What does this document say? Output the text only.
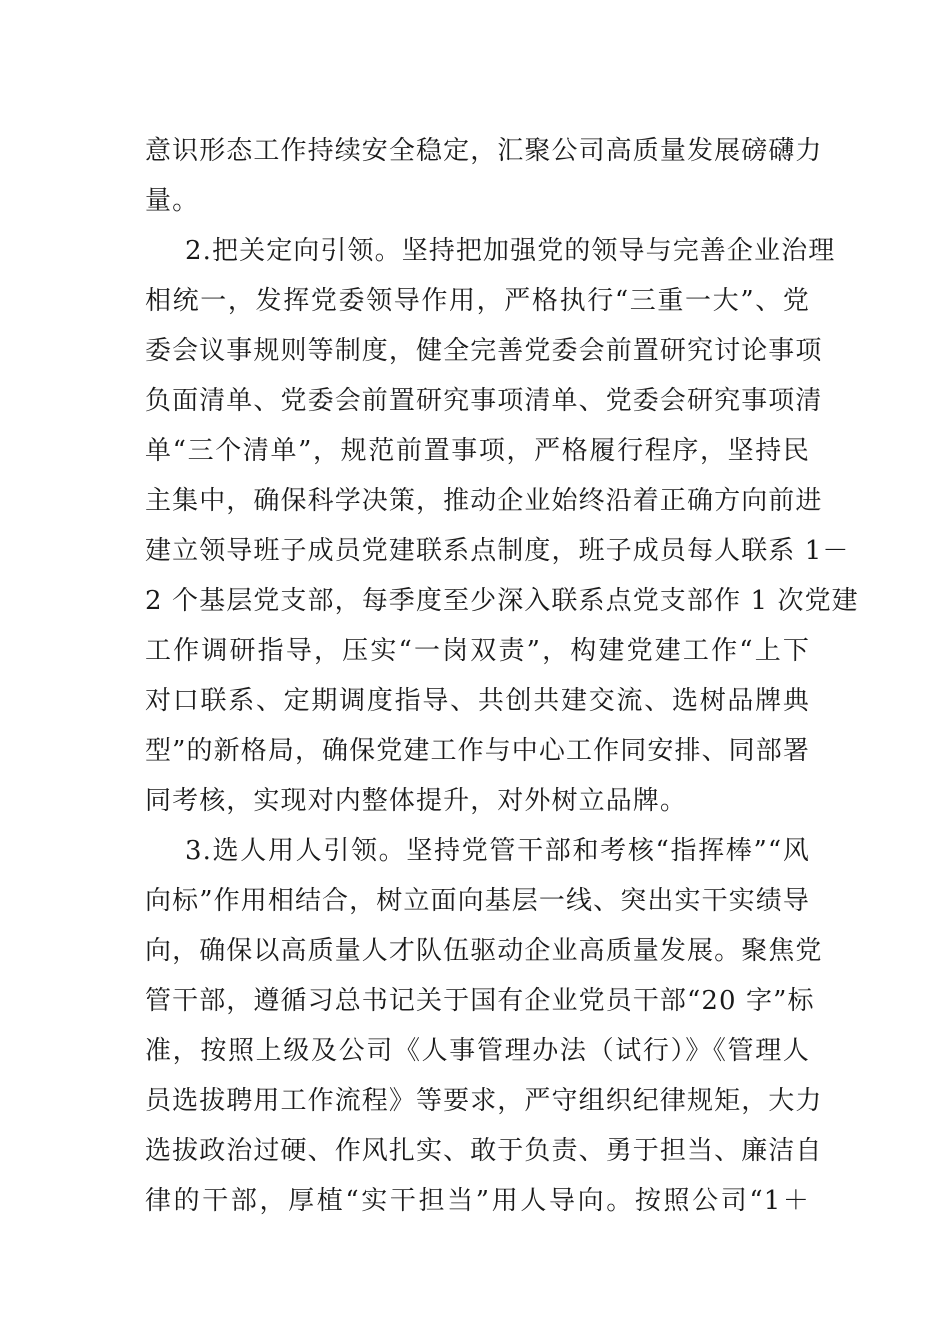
意识形态工作持续安全稳定，汇聚公司高质量发展磅礴力
量。
2.把关定向引领。坚持把加强党的领导与完善企业治理
相统一，发挥党委领导作用，严格执行“三重一大”、党
委会议事规则等制度，健全完善党委会前置研究讨论事项
负面清单、党委会前置研究事项清单、党委会研究事项清
单“三个清单”，规范前置事项，严格履行程序，坚持民
主集中，确保科学决策，推动企业始终沿着正确方向前进
建立领导班子成员党建联系点制度，班子成员每人联系 1－
2 个基层党支部，每季度至少深入联系点党支部作 1 次党建
工作调研指导，压实“一岗双责”，构建党建工作“上下
对口联系、定期调度指导、共创共建交流、选树品牌典
型”的新格局，确保党建工作与中心工作同安排、同部署
同考核，实现对内整体提升，对外树立品牌。
3.选人用人引领。坚持党管干部和考核“指挥棒”“风
向标”作用相结合，树立面向基层一线、突出实干实绩导
向，确保以高质量人才队伍驱动企业高质量发展。聚焦党
管干部，遵循习总书记关于国有企业党员干部“20 字”标
准，按照上级及公司《人事管理办法（试行）》《管理人
员选拔聘用工作流程》等要求，严守组织纪律规矩，大力
选拔政治过硬、作风扎实、敢于负责、勇于担当、廉洁自
律的干部，厚植“实干担当”用人导向。按照公司“1＋
